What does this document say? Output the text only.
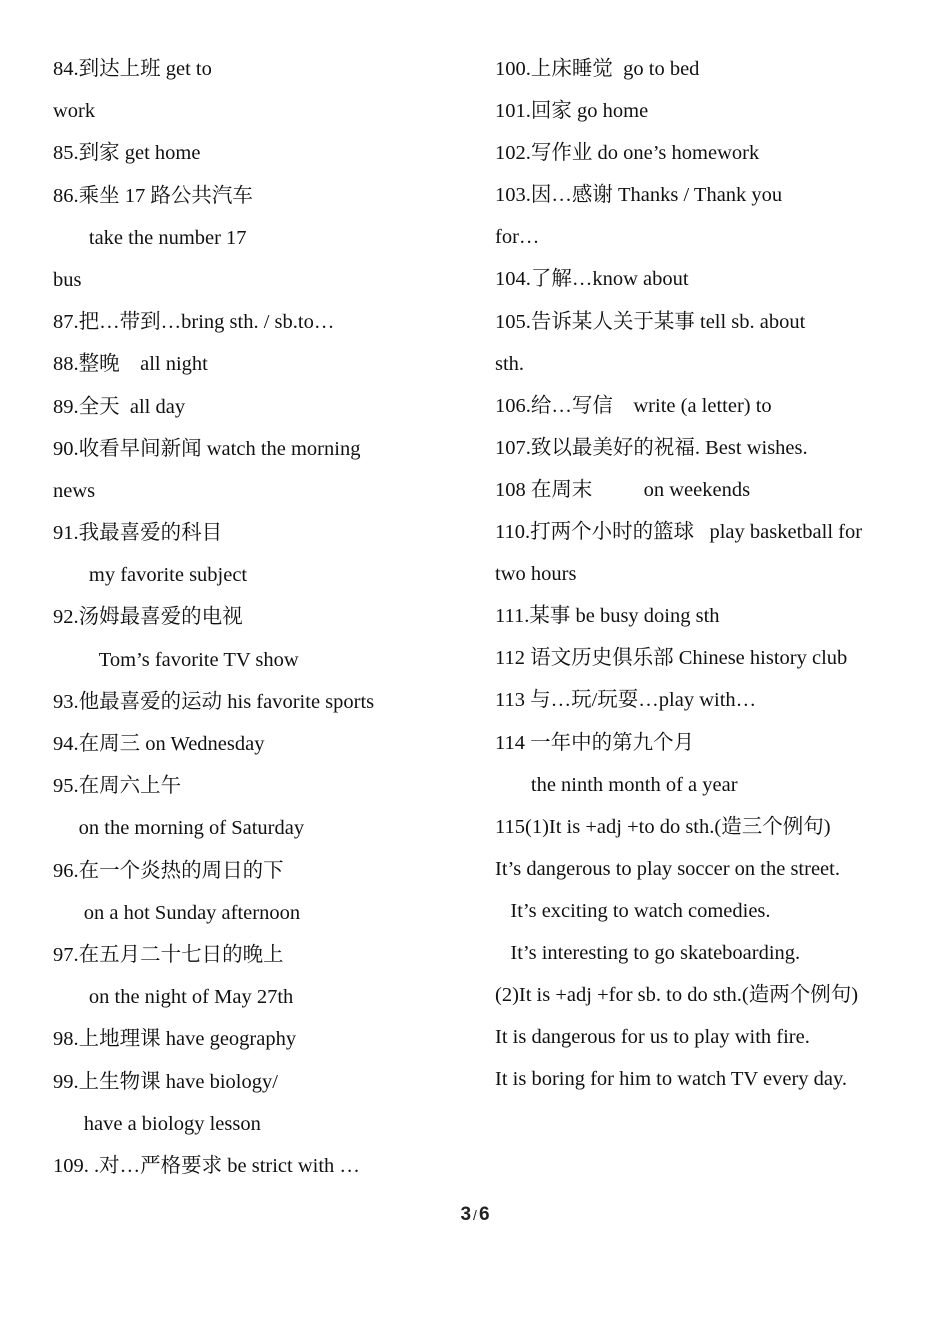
84.到达上班 get to
work
85.到家 get home
86.乘坐 17 路公共汽车
take the number 17
bus
87.把…带到…bring sth. / sb.to…
88.整晚    all night
89.全天  all day
90.收看早间新闻 watch the morning
news
91.我最喜爱的科目
my favorite subject
92.汤姆最喜爱的电视
Tom’s favorite TV show
93.他最喜爱的运动 his favorite sports
94.在周三 on Wednesday
95.在周六上午
on the morning of Saturday
96.在一个炎热的周日的下
on a hot Sunday afternoon
97.在五月二十七日的晚上
on the night of May 27th
98.上地理课 have geography
99.上生物课 have biology/
have a biology lesson
109. .对…严格要求 be strict with …
100.上床睡觉  go to bed
101.回家 go home
102.写作业 do one’s homework
103.因…感谢 Thanks / Thank you
for…
104.了解…know about
105.告诉某人关于某事 tell sb. about
sth.
106.给…写信    write (a letter) to
107.致以最美好的祝福. Best wishes.
108 在周末          on weekends
110.打两个小时的篮球   play basketball for
two hours
111.某事 be busy doing sth
112 语文历史俱乐部 Chinese history club
113 与…玩/玩耍…play with…
114 一年中的第九个月
the ninth month of a year
115(1)It is +adj +to do sth.(造三个例句)
It’s dangerous to play soccer on the street.
It’s exciting to watch comedies.
It’s interesting to go skateboarding.
(2)It is +adj +for sb. to do sth.(造两个例句)
It is dangerous for us to play with fire.
It is boring for him to watch TV every day.
3 / 6
